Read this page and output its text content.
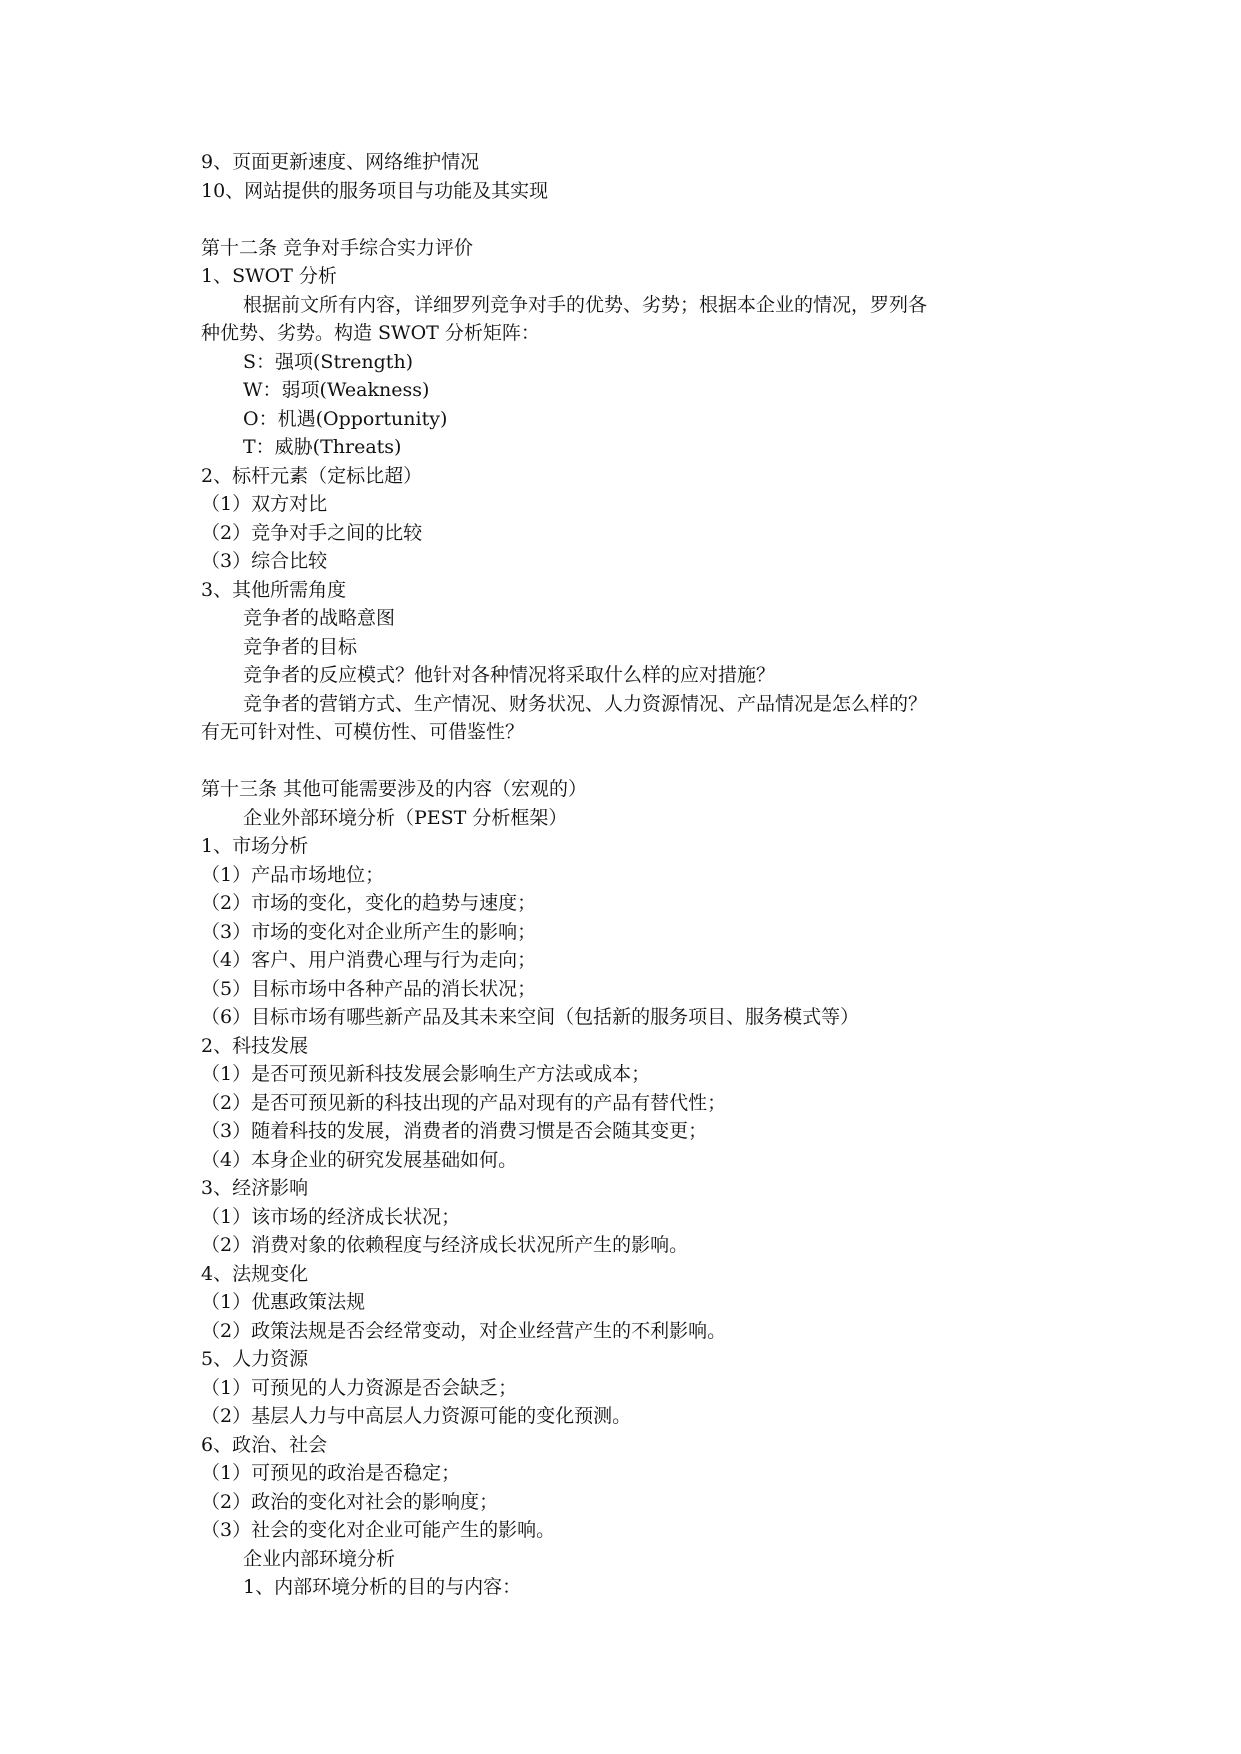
9、页面更新速度、网络维护情况
10、网站提供的服务项目与功能及其实现
第十二条 竞争对手综合实力评价
1、SWOT 分析
根据前文所有内容，详细罗列竞争对手的优势、劣势；根据本企业的情况，罗列各
种优势、劣势。构造 SWOT 分析矩阵：
S：强项(Strength)
W：弱项(Weakness)
O：机遇(Opportunity)
T：威胁(Threats)
2、标杆元素（定标比超）
（1）双方对比
（2）竞争对手之间的比较
（3）综合比较
3、其他所需角度
竞争者的战略意图
竞争者的目标
竞争者的反应模式？他针对各种情况将采取什么样的应对措施？
竞争者的营销方式、生产情况、财务状况、人力资源情况、产品情况是怎么样的？
有无可针对性、可模仿性、可借鉴性？
第十三条 其他可能需要涉及的内容（宏观的）
企业外部环境分析（PEST 分析框架）
1、市场分析
（1）产品市场地位；
（2）市场的变化，变化的趋势与速度；
（3）市场的变化对企业所产生的影响；
（4）客户、用户消费心理与行为走向；
（5）目标市场中各种产品的消长状况；
（6）目标市场有哪些新产品及其未来空间（包括新的服务项目、服务模式等）
2、科技发展
（1）是否可预见新科技发展会影响生产方法或成本；
（2）是否可预见新的科技出现的产品对现有的产品有替代性；
（3）随着科技的发展，消费者的消费习惯是否会随其变更；
（4）本身企业的研究发展基础如何。
3、经济影响
（1）该市场的经济成长状况；
（2）消费对象的依赖程度与经济成长状况所产生的影响。
4、法规变化
（1）优惠政策法规
（2）政策法规是否会经常变动，对企业经营产生的不利影响。
5、人力资源
（1）可预见的人力资源是否会缺乏；
（2）基层人力与中高层人力资源可能的变化预测。
6、政治、社会
（1）可预见的政治是否稳定；
（2）政治的变化对社会的影响度；
（3）社会的变化对企业可能产生的影响。
企业内部环境分析
1、内部环境分析的目的与内容：
